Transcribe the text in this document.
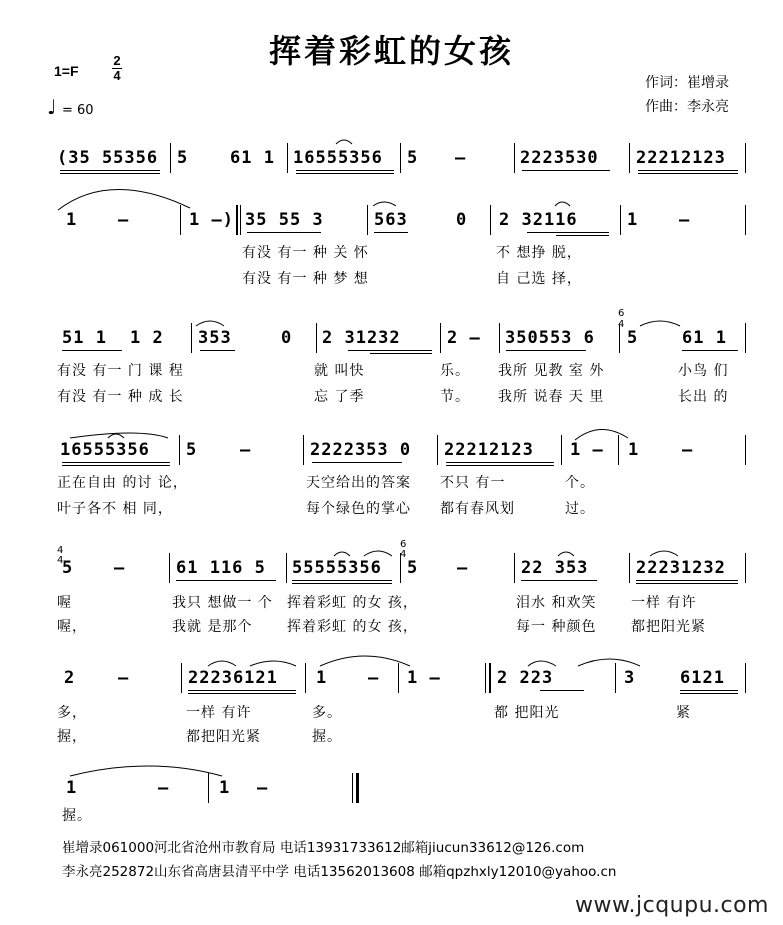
挥着彩虹的女孩
1=F
2
4
♩ = 60
作词：崔增录
作曲：李永亮
(35 55356 5 61 1 16555356 5 –	2223530 22212123
1 –	1 –) 35 55 3	563	0 2 32116	1 –
有没 有一 种 关 怀	不 想挣 脱，
有没 有一 种 梦 想	自 己选 择，
51 1 1 2 353	0 2 31232	2 – 350553 6
6
4
5	61 1
有没 有一 门 课 程	就 叫快	乐。 我所 见教 室 外	小鸟 们
有没 有一 种 成 长	忘 了季	节。 我所 说春 天 里	长出 的
16555356 5	–	2222353 0 22212123 1 – 1	–
正在自由 的讨 论，	天空给出的答案 不只 有一	个。
叶子各不 相 同，	每个绿色的掌心 都有春风划	过。
4
4
5 –	61 116 5 55555356
6
4
5 –	22 353	22231232
喔	我只 想做一 个 挥着彩虹 的女 孩，	泪水 和欢笑 一样 有许
喔，	我就 是那个 挥着彩虹 的女 孩，	每一 种颜色 都把阳光紧
2	–	22236121 1 – 1 –	2 223	3	6121
多，	一样 有许	多。	都 把阳光	紧
握，	都把阳光紧	握。
1	–	1 –
握。
崔增录061000河北省沧州市教育局 电话13931733612邮箱jiucun33612@126.com
李永亮252872山东省高唐县清平中学 电话13562013608 邮箱qpzhxly12010@yahoo.cn
www.jcqupu.com
